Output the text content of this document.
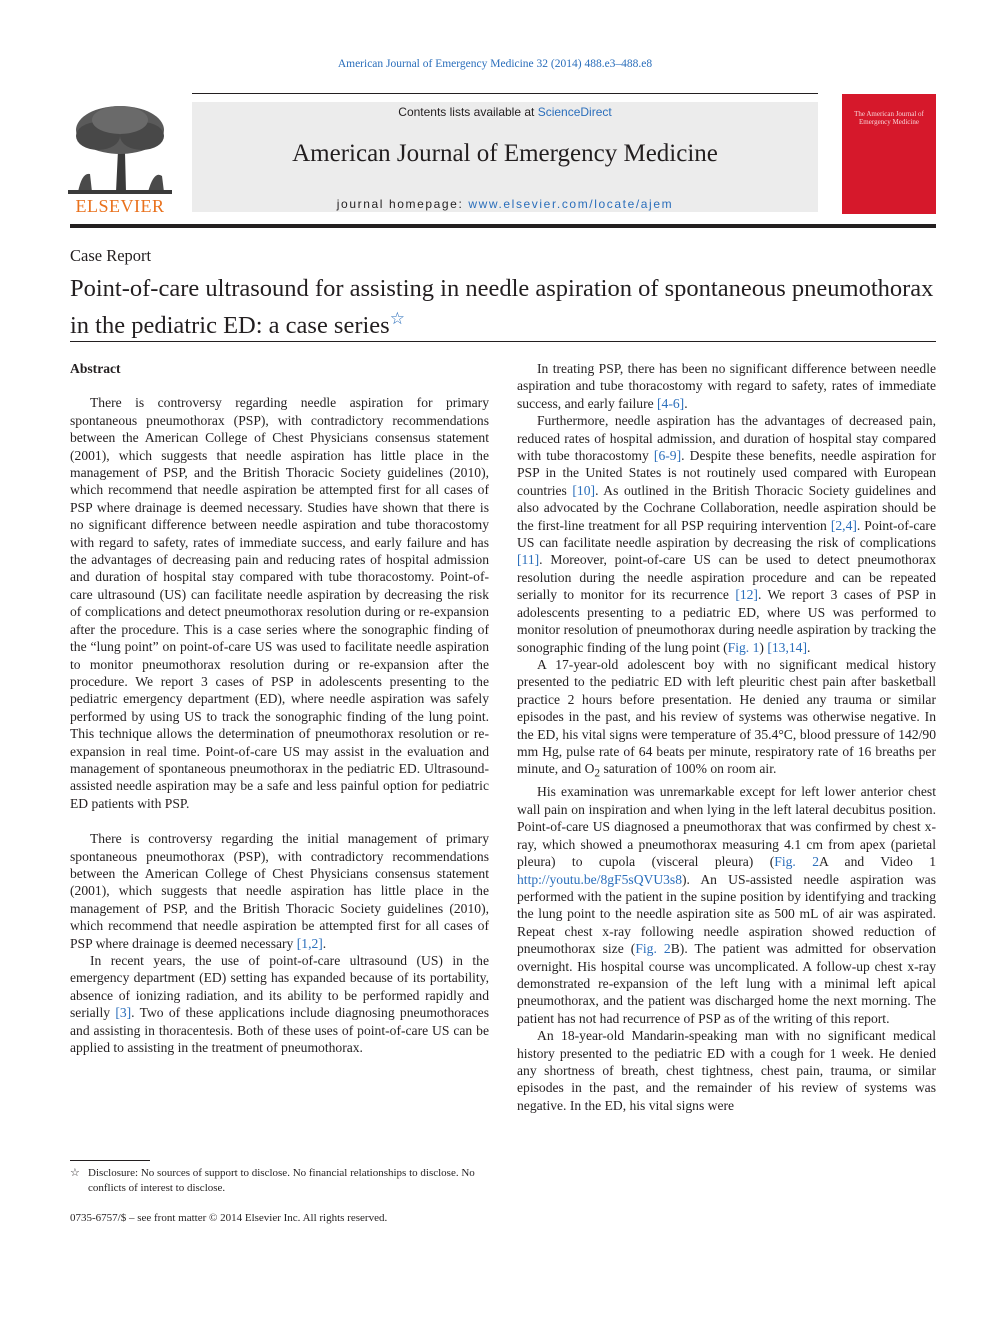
American Journal of Emergency Medicine 32 (2014) 488.e3–488.e8
ELSEVIER
Contents lists available at ScienceDirect
American Journal of Emergency Medicine
journal homepage: www.elsevier.com/locate/ajem
The American Journal of Emergency Medicine
Case Report
Point-of-care ultrasound for assisting in needle aspiration of spontaneous pneumothorax in the pediatric ED: a case series☆

Abstract

There is controversy regarding needle aspiration for primary spontaneous pneumothorax (PSP), with contradictory recommendations between the American College of Chest Physicians consensus statement (2001), which suggests that needle aspiration has little place in the management of PSP, and the British Thoracic Society guidelines (2010), which recommend that needle aspiration be attempted first for all cases of PSP where drainage is deemed necessary. Studies have shown that there is no significant difference between needle aspiration and tube thoracostomy with regard to safety, rates of immediate success, and early failure and has the advantages of decreasing pain and reducing rates of hospital admission and duration of hospital stay compared with tube thoracostomy. Point-of-care ultrasound (US) can facilitate needle aspiration by decreasing the risk of complications and detect pneumothorax resolution during or re-expansion after the procedure. This is a case series where the sonographic finding of the “lung point” on point-of-care US was used to facilitate needle aspiration to monitor pneumothorax resolution during or re-expansion after the procedure. We report 3 cases of PSP in adolescents presenting to the pediatric emergency department (ED), where needle aspiration was safely performed by using US to track the sonographic finding of the lung point. This technique allows the determination of pneumothorax resolution or re-expansion in real time. Point-of-care US may assist in the evaluation and management of spontaneous pneumothorax in the pediatric ED. Ultrasound-assisted needle aspiration may be a safe and less painful option for pediatric ED patients with PSP.

There is controversy regarding the initial management of primary spontaneous pneumothorax (PSP), with contradictory recommendations between the American College of Chest Physicians consensus statement (2001), which suggests that needle aspiration has little place in the management of PSP, and the British Thoracic Society guidelines (2010), which recommend that needle aspiration be attempted first for all cases of PSP where drainage is deemed necessary [1,2].

In recent years, the use of point-of-care ultrasound (US) in the emergency department (ED) setting has expanded because of its portability, absence of ionizing radiation, and its ability to be performed rapidly and serially [3]. Two of these applications include diagnosing pneumothoraces and assisting in thoracentesis. Both of these uses of point-of-care US can be applied to assisting in the treatment of pneumothorax.

In treating PSP, there has been no significant difference between needle aspiration and tube thoracostomy with regard to safety, rates of immediate success, and early failure [4-6].

Furthermore, needle aspiration has the advantages of decreased pain, reduced rates of hospital admission, and duration of hospital stay compared with tube thoracostomy [6-9]. Despite these benefits, needle aspiration for PSP in the United States is not routinely used compared with European countries [10]. As outlined in the British Thoracic Society guidelines and also advocated by the Cochrane Collaboration, needle aspiration should be the first-line treatment for all PSP requiring intervention [2,4]. Point-of-care US can facilitate needle aspiration by decreasing the risk of complications [11]. Moreover, point-of-care US can be used to detect pneumothorax resolution during the needle aspiration procedure and can be repeated serially to monitor for its recurrence [12]. We report 3 cases of PSP in adolescents presenting to a pediatric ED, where US was performed to monitor resolution of pneumothorax during needle aspiration by tracking the sonographic finding of the lung point (Fig. 1) [13,14].

A 17-year-old adolescent boy with no significant medical history presented to the pediatric ED with left pleuritic chest pain after basketball practice 2 hours before presentation. He denied any trauma or similar episodes in the past, and his review of systems was otherwise negative. In the ED, his vital signs were temperature of 35.4°C, blood pressure of 142/90 mm Hg, pulse rate of 64 beats per minute, respiratory rate of 16 breaths per minute, and $O_2$ saturation of 100% on room air.

His examination was unremarkable except for left lower anterior chest wall pain on inspiration and when lying in the left lateral decubitus position. Point-of-care US diagnosed a pneumothorax that was confirmed by chest x-ray, which showed a pneumothorax measuring 4.1 cm from apex (parietal pleura) to cupola (visceral pleura) (Fig. 2A and Video 1 http://youtu.be/8gF5sQVU3s8). An US-assisted needle aspiration was performed with the patient in the supine position by identifying and tracking the lung point to the needle aspiration site as 500 mL of air was aspirated. Repeat chest x-ray following needle aspiration showed reduction of pneumothorax size (Fig. 2B). The patient was admitted for observation overnight. His hospital course was uncomplicated. A follow-up chest x-ray demonstrated re-expansion of the left lung with a minimal left apical pneumothorax, and the patient was discharged home the next morning. The patient has not had recurrence of PSP as of the writing of this report.

An 18-year-old Mandarin-speaking man with no significant medical history presented to the pediatric ED with a cough for 1 week. He denied any shortness of breath, chest tightness, chest pain, trauma, or similar episodes in the past, and the remainder of his review of systems was negative. In the ED, his vital signs were

☆ Disclosure: No sources of support to disclose. No financial relationships to disclose. No conflicts of interest to disclose.
0735-6757/$ – see front matter © 2014 Elsevier Inc. All rights reserved.
